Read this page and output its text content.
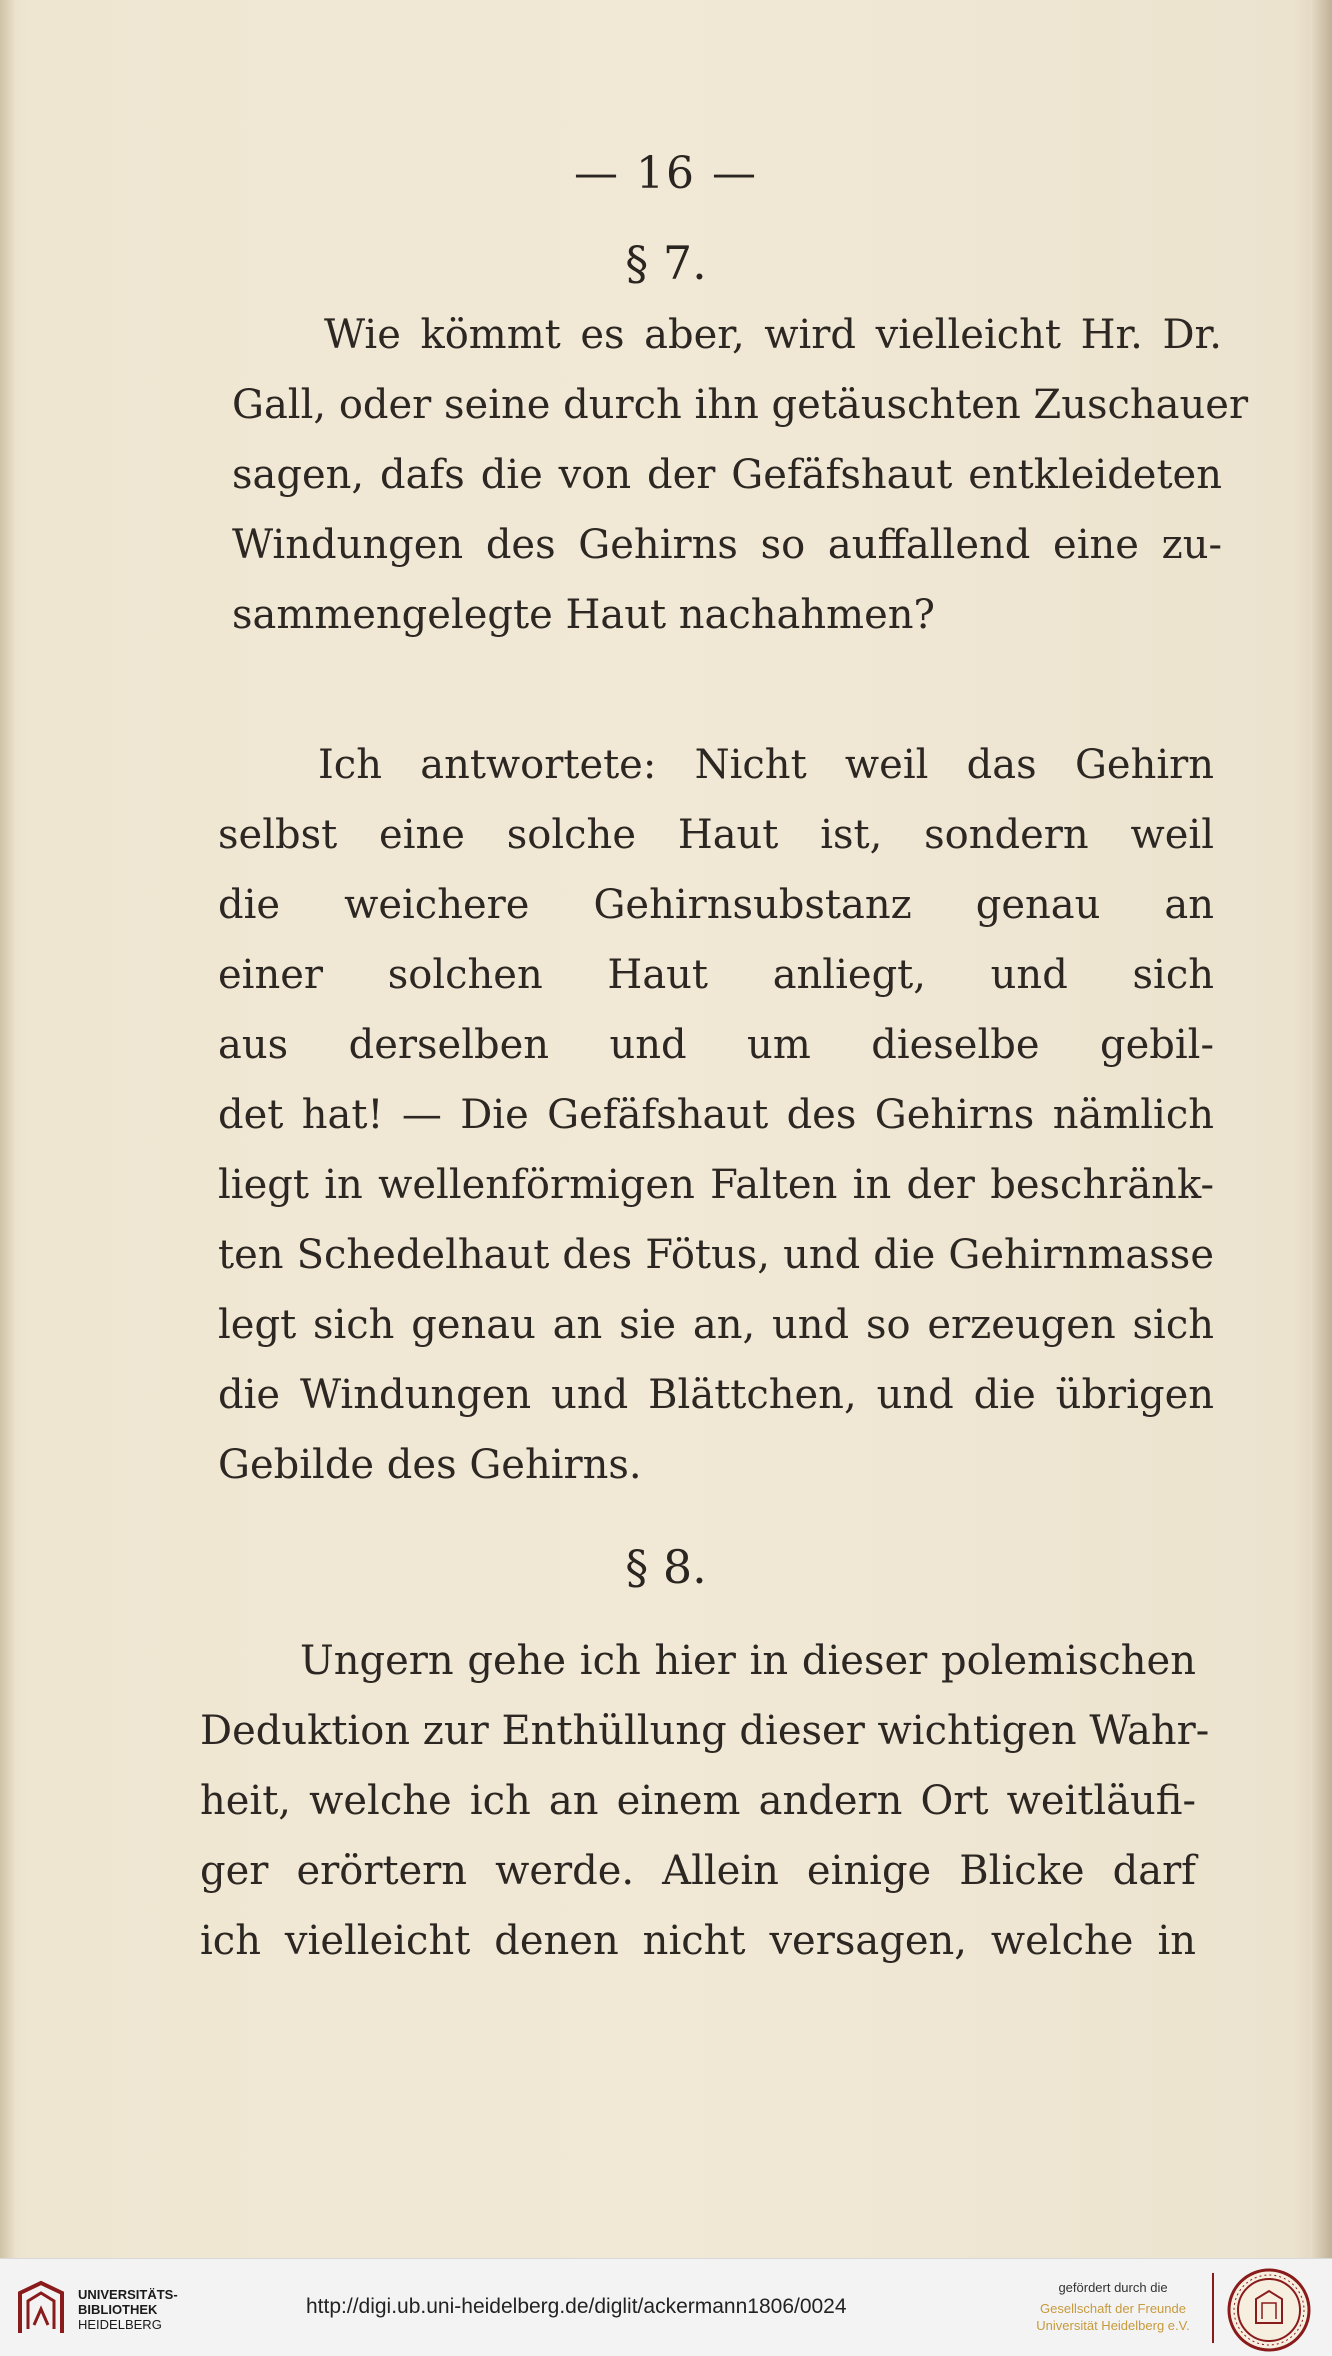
— 16 —
§ 7.
Wie kömmt es aber, wird vielleicht Hr. Dr.
Gall, oder seine durch ihn getäuschten Zuschauer
sagen, dafs die von der Gefäfshaut entkleideten
Windungen des Gehirns so auffallend eine zu-
sammengelegte Haut nachahmen?
Ich antwortete: Nicht weil das Gehirn
selbst eine solche Haut ist, sondern weil
die weichere Gehirnsubstanz genau an
einer solchen Haut anliegt, und sich
aus derselben und um dieselbe gebil-
det hat! — Die Gefäfshaut des Gehirns nämlich
liegt in wellenförmigen Falten in der beschränk-
ten Schedelhaut des Fötus, und die Gehirnmasse
legt sich genau an sie an, und so erzeugen sich
die Windungen und Blättchen, und die übrigen
Gebilde des Gehirns.
§ 8.
Ungern gehe ich hier in dieser polemischen
Deduktion zur Enthüllung dieser wichtigen Wahr-
heit, welche ich an einem andern Ort weitläufi-
ger erörtern werde. Allein einige Blicke darf
ich vielleicht denen nicht versagen, welche in
UNIVERSITÄTS-
BIBLIOTHEK
HEIDELBERG
http://digi.ub.uni-heidelberg.de/diglit/ackermann1806/0024
gefördert durch die
Gesellschaft der Freunde
Universität Heidelberg e.V.
